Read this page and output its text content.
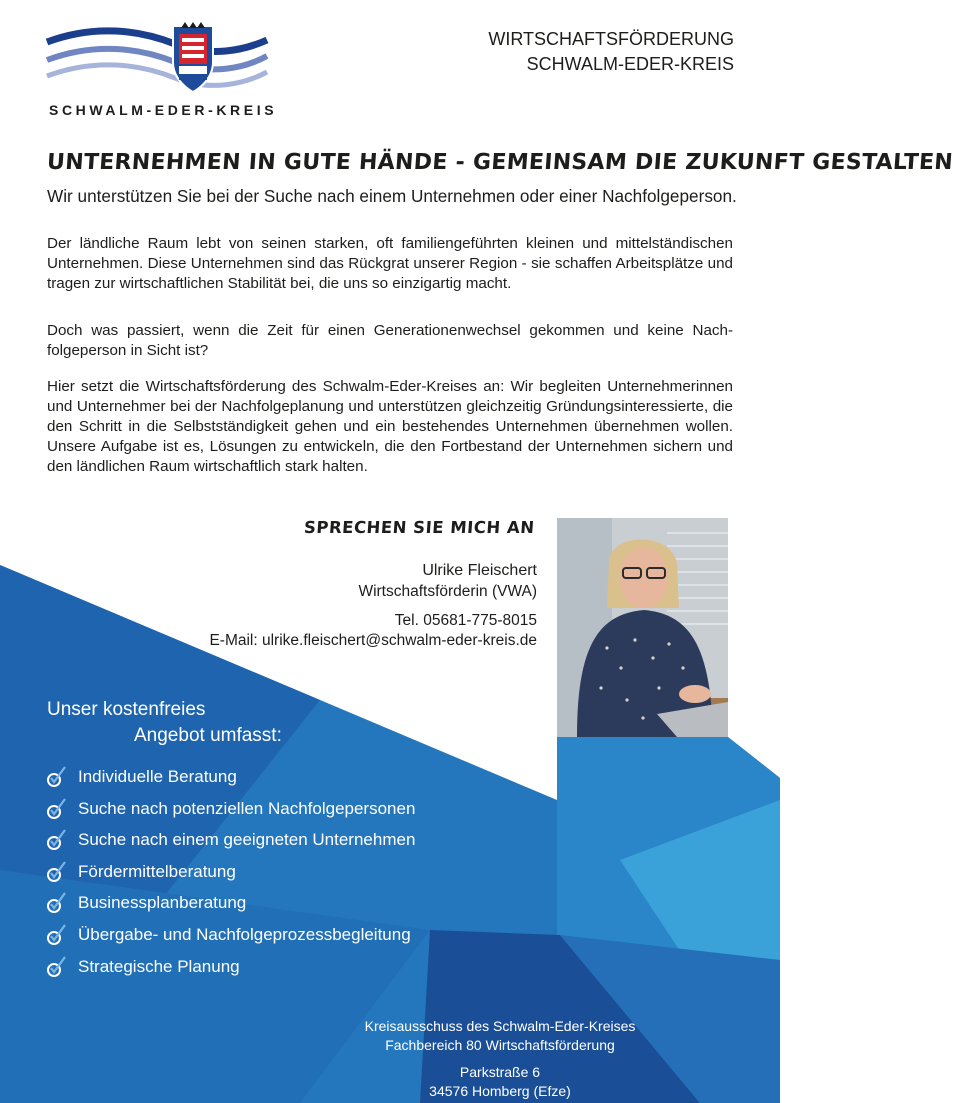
SCHWALM-EDER-KREIS
WIRTSCHAFTSFÖRDERUNG
SCHWALM-EDER-KREIS
UNTERNEHMEN IN GUTE HÄNDE - GEMEINSAM DIE ZUKUNFT GESTALTEN
Wir unterstützen Sie bei der Suche nach einem Unternehmen oder einer Nachfolgeperson.
Der ländliche Raum lebt von seinen starken, oft familiengeführten kleinen und mittelständischen Unternehmen. Diese Unternehmen sind das Rückgrat unserer Region - sie schaffen Arbeitsplätze und tragen zur wirtschaftlichen Stabilität bei, die uns so einzigartig macht.
Doch was passiert, wenn die Zeit für einen Generationenwechsel gekommen und keine Nachfolgeperson in Sicht ist?
Hier setzt die Wirtschaftsförderung des Schwalm-Eder-Kreises an: Wir begleiten Unternehmerinnen und Unternehmer bei der Nachfolgeplanung und unterstützen gleichzeitig Gründungsinteressierte, die den Schritt in die Selbstständigkeit gehen und ein bestehendes Unternehmen übernehmen wollen. Unsere Aufgabe ist es, Lösungen zu entwickeln, die den Fortbestand der Unternehmen sichern und den ländlichen Raum wirtschaftlich stark halten.
SPRECHEN SIE MICH AN
Ulrike Fleischert
Wirtschaftsförderin (VWA)
Tel. 05681-775-8015
E-Mail: ulrike.fleischert@schwalm-eder-kreis.de
Unser kostenfreies
Angebot umfasst:
Individuelle Beratung
Suche nach potenziellen Nachfolgepersonen
Suche nach einem geeigneten Unternehmen
Fördermittelberatung
Businessplanberatung
Übergabe- und Nachfolgeprozessbegleitung
Strategische Planung
Kreisausschuss des Schwalm-Eder-Kreises
Fachbereich 80 Wirtschaftsförderung
Parkstraße 6
34576 Homberg (Efze)
